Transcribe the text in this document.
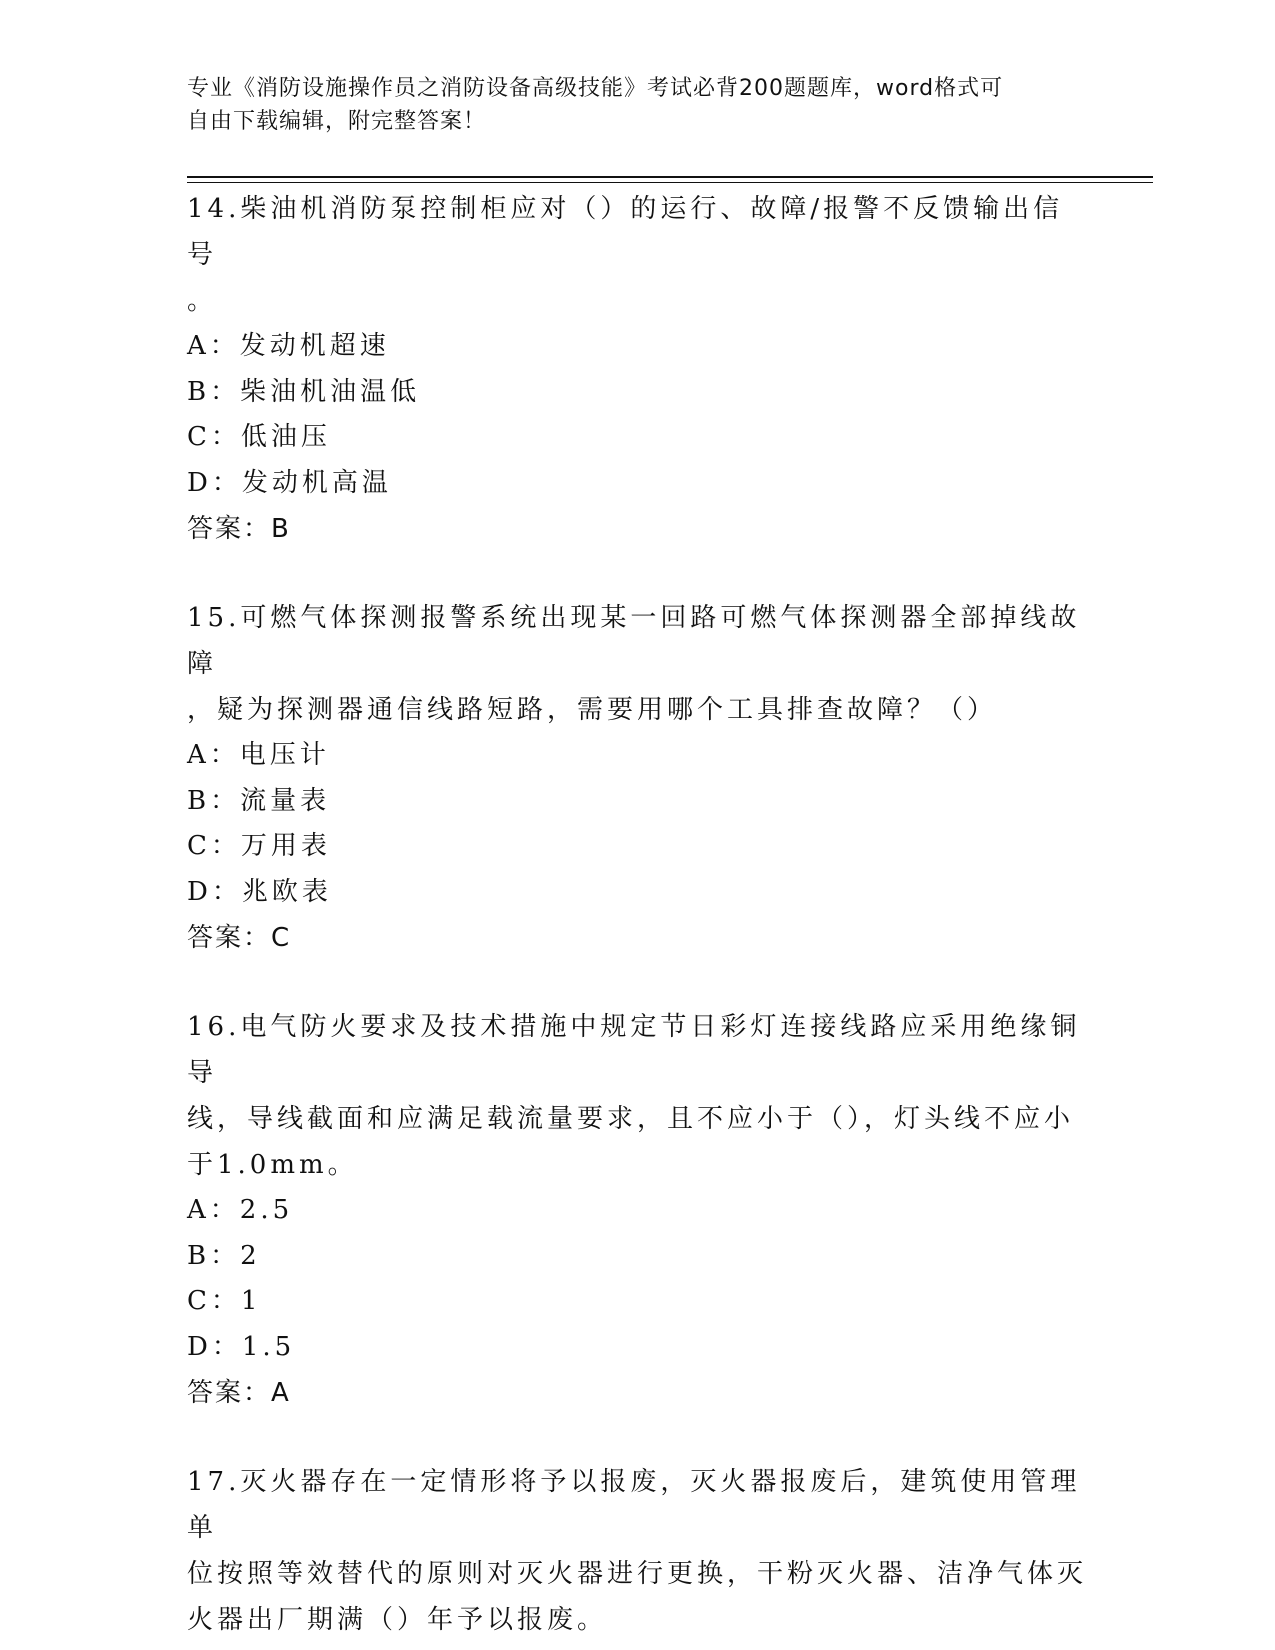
专业《消防设施操作员之消防设备高级技能》考试必背200题题库，word格式可
自由下载编辑，附完整答案！
14.柴油机消防泵控制柜应对（）的运行、故障/报警不反馈输出信号
。
A：发动机超速
B：柴油机油温低
C：低油压
D：发动机高温
答案：B
15.可燃气体探测报警系统出现某一回路可燃气体探测器全部掉线故障
，疑为探测器通信线路短路，需要用哪个工具排查故障？（）
A：电压计
B：流量表
C：万用表
D：兆欧表
答案：C
16.电气防火要求及技术措施中规定节日彩灯连接线路应采用绝缘铜导
线，导线截面和应满足载流量要求，且不应小于（），灯头线不应小
于1.0mm。
A：2.5
B：2
C：1
D：1.5
答案：A
17.灭火器存在一定情形将予以报废，灭火器报废后，建筑使用管理单
位按照等效替代的原则对灭火器进行更换，干粉灭火器、洁净气体灭
火器出厂期满（）年予以报废。
